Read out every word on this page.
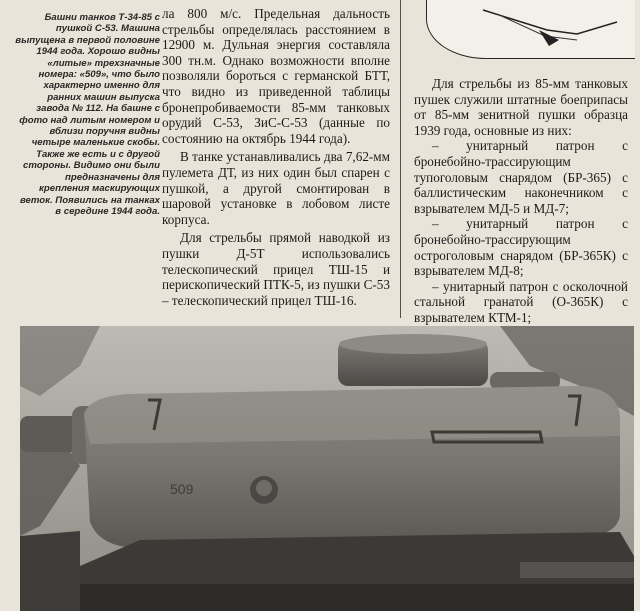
Башни танков Т-34-85 с пушкой С-53. Машина выпущена в первой половине 1944 года. Хорошо видны «литые» трехзначные номера: «509», что было характерно именно для ранних машин выпуска завода № 112. На башне с фото над литым номером и вблизи поручня видны четыре маленькие скобы. Также же есть и с другой стороны. Видимо они были предназначены для крепления маскирующих веток. Появились на танках в середине 1944 года.

ла 800 м/с. Предельная дальность стрельбы определялась расстоянием в 12900 м. Дульная энергия составляла 300 тн.м. Однако возможности вполне позволяли бороться с германской БТТ, что видно из приведенной таблицы бронепробиваемости 85-мм танковых орудий С-53, ЗиС-С-53 (данные по состоянию на октябрь 1944 года).

В танке устанавливались два 7,62-мм пулемета ДТ, из них один был спарен с пушкой, а другой смонтирован в шаровой установке в лобовом листе корпуса.

Для стрельбы прямой наводкой из пушки Д-5Т использовались телескопический прицел ТШ-15 и перископический ПТК-5, из пушки С-53 – телескопический прицел ТШ-16.

Для стрельбы из 85-мм танковых пушек служили штатные боеприпасы от 85-мм зенитной пушки образца 1939 года, основные из них:

– унитарный патрон с бронебойно-трассирующим тупоголовым снарядом (БР-365) с баллистическим наконечником с взрывателем МД-5 и МД-7;

– унитарный патрон с бронебойно-трассирующим остроголовым снарядом (БР-365К) с взрывателем МД-8;

– унитарный патрон с осколочной стальной гранатой (О-365К) с взрывателем КТМ-1;

509
